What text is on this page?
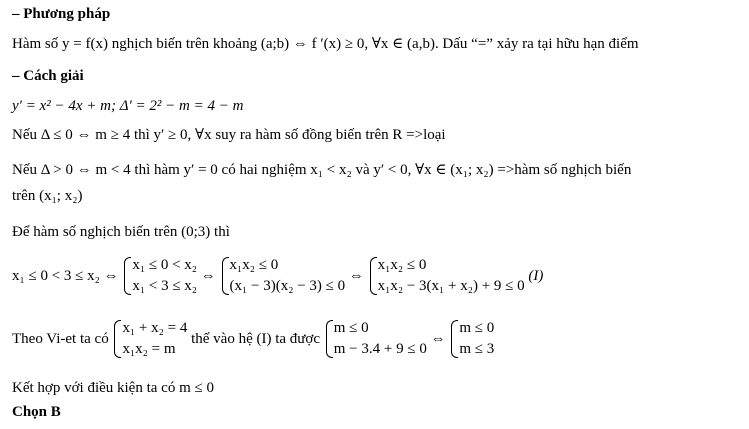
– Phương pháp
Hàm số y = f(x) nghịch biến trên khoảng (a;b) ⇔ f ′(x) ≥ 0, ∀x ∈ (a,b). Dấu “=” xảy ra tại hữu hạn điểm
– Cách giải
y′ = x² − 4x + m; Δ′ = 2² − m = 4 − m
Nếu Δ ≤ 0 ⇔ m ≥ 4 thì y′ ≥ 0, ∀x suy ra hàm số đồng biến trên R =>loại
Nếu Δ > 0 ⇔ m < 4 thì hàm y′ = 0 có hai nghiệm x₁ < x₂ và y′ < 0, ∀x ∈ (x₁; x₂) =>hàm số nghịch biến
trên (x₁; x₂)
Để hàm số nghịch biến trên (0;3) thì
x₁ ≤ 0 < 3 ≤ x₂ ⇔
x₁ ≤ 0 < x₂
x₁ < 3 ≤ x₂
⇔
x₁x₂ ≤ 0
(x₁ − 3)(x₂ − 3) ≤ 0
⇔
x₁x₂ ≤ 0
x₁x₂ − 3(x₁ + x₂) + 9 ≤ 0
(I)
Theo Vi-et ta có
x₁ + x₂ = 4
x₁x₂ = m
thế vào hệ (I) ta được
m ≤ 0
m − 3.4 + 9 ≤ 0
⇔
m ≤ 0
m ≤ 3
Kết hợp với điều kiện ta có m ≤ 0
Chọn B
